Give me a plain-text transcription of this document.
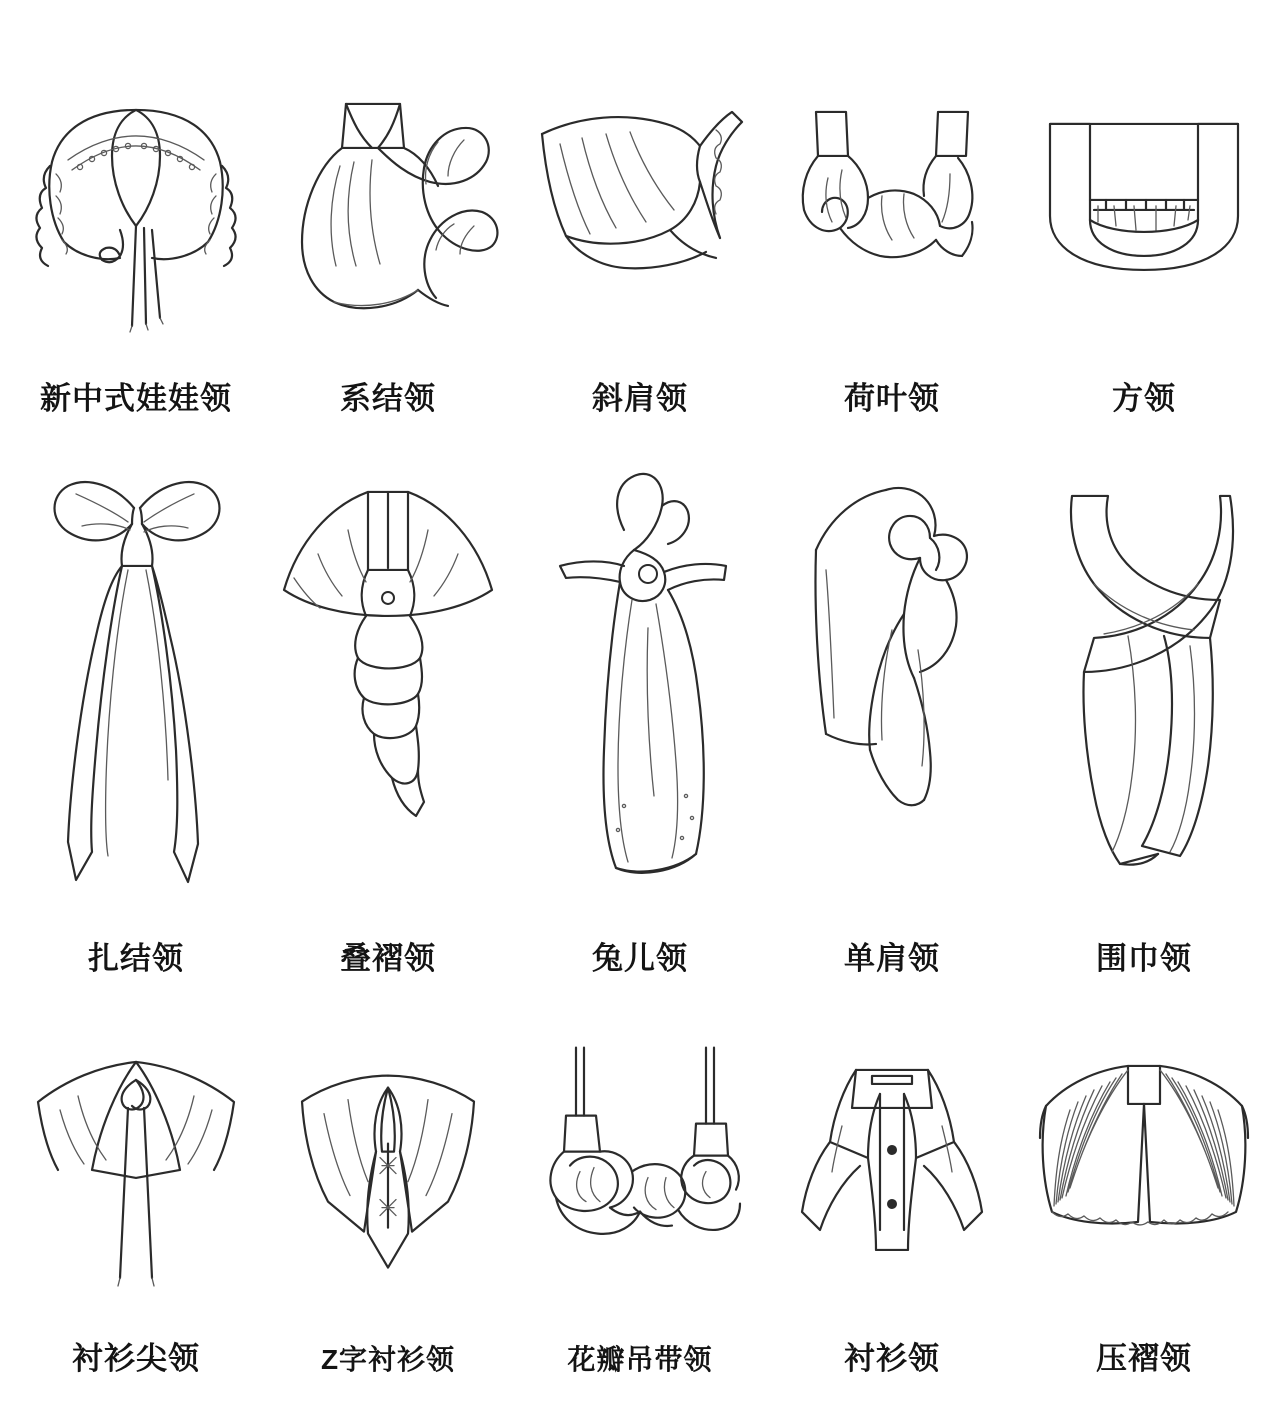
新中式娃娃领	系结领	斜肩领	荷叶领	方领
扎结领	叠褶领	兔儿领	单肩领	围巾领
衬衫尖领	Z字衬衫领	花瓣吊带领	衬衫领	压褶领
